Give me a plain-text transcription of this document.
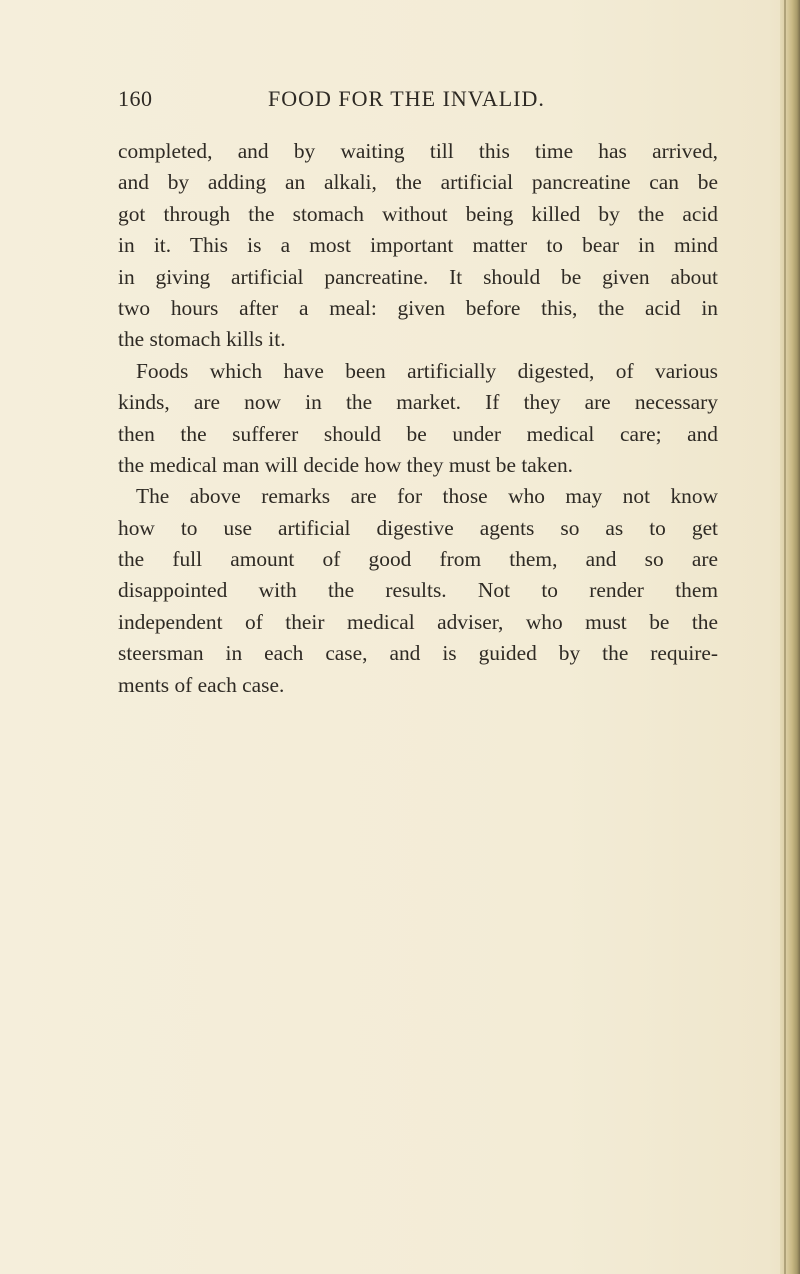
160	FOOD FOR THE INVALID.
completed, and by waiting till this time has arrived,
and by adding an alkali, the artificial pancreatine can be
got through the stomach without being killed by the acid
in it. This is a most important matter to bear in mind
in giving artificial pancreatine. It should be given about
two hours after a meal: given before this, the acid in
the stomach kills it.
Foods which have been artificially digested, of various
kinds, are now in the market. If they are necessary
then the sufferer should be under medical care; and
the medical man will decide how they must be taken.
The above remarks are for those who may not know
how to use artificial digestive agents so as to get
the full amount of good from them, and so are
disappointed with the results. Not to render them
independent of their medical adviser, who must be the
steersman in each case, and is guided by the require-
ments of each case.
